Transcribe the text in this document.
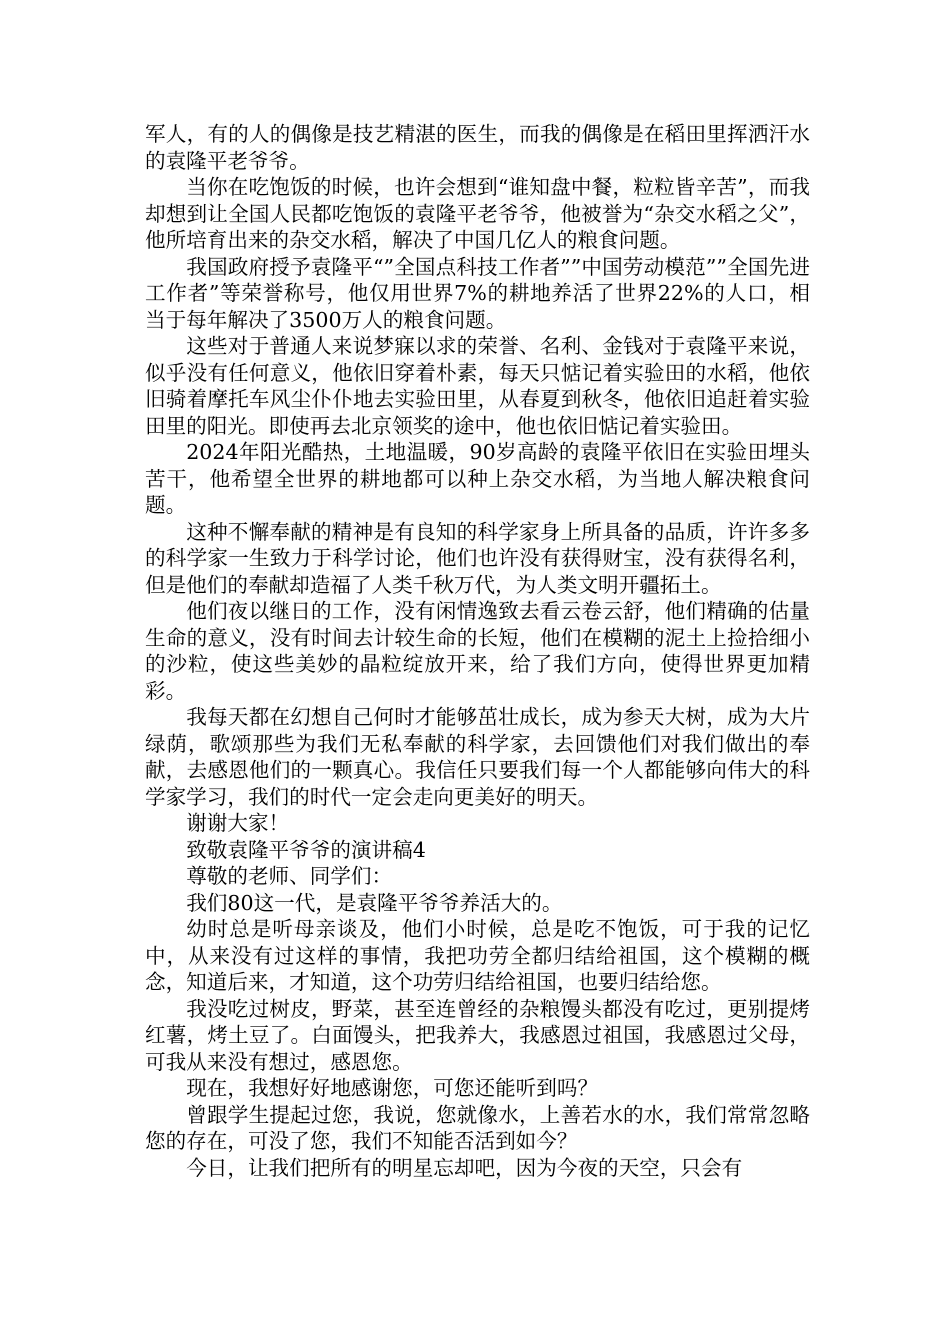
军人，有的人的偶像是技艺精湛的医生，而我的偶像是在稻田里挥洒汗水的袁隆平老爷爷。

当你在吃饱饭的时候，也许会想到“谁知盘中餐，粒粒皆辛苦”，而我却想到让全国人民都吃饱饭的袁隆平老爷爷，他被誉为“杂交水稻之父”，他所培育出来的杂交水稻，解决了中国几亿人的粮食问题。

我国政府授予袁隆平“”全国点科技工作者””中国劳动模范””全国先进工作者”等荣誉称号，他仅用世界7%的耕地养活了世界22%的人口，相当于每年解决了3500万人的粮食问题。

这些对于普通人来说梦寐以求的荣誉、名利、金钱对于袁隆平来说，似乎没有任何意义，他依旧穿着朴素，每天只惦记着实验田的水稻，他依旧骑着摩托车风尘仆仆地去实验田里，从春夏到秋冬，他依旧追赶着实验田里的阳光。即使再去北京领奖的途中，他也依旧惦记着实验田。

2024年阳光酷热，土地温暖，90岁高龄的袁隆平依旧在实验田埋头苦干，他希望全世界的耕地都可以种上杂交水稻，为当地人解决粮食问题。

这种不懈奉献的精神是有良知的科学家身上所具备的品质，许许多多的科学家一生致力于科学讨论，他们也许没有获得财宝，没有获得名利，但是他们的奉献却造福了人类千秋万代，为人类文明开疆拓土。

他们夜以继日的工作，没有闲情逸致去看云卷云舒，他们精确的估量生命的意义，没有时间去计较生命的长短，他们在模糊的泥土上捡拾细小的沙粒，使这些美妙的晶粒绽放开来，给了我们方向，使得世界更加精彩。

我每天都在幻想自己何时才能够茁壮成长，成为参天大树，成为大片绿荫，歌颂那些为我们无私奉献的科学家，去回馈他们对我们做出的奉献，去感恩他们的一颗真心。我信任只要我们每一个人都能够向伟大的科学家学习，我们的时代一定会走向更美好的明天。

谢谢大家！

致敬袁隆平爷爷的演讲稿4

尊敬的老师、同学们：

我们80这一代，是袁隆平爷爷养活大的。

幼时总是听母亲谈及，他们小时候，总是吃不饱饭，可于我的记忆中，从来没有过这样的事情，我把功劳全都归结给祖国，这个模糊的概念，知道后来，才知道，这个功劳归结给祖国，也要归结给您。

我没吃过树皮，野菜，甚至连曾经的杂粮馒头都没有吃过，更别提烤红薯，烤土豆了。白面馒头，把我养大，我感恩过祖国，我感恩过父母，可我从来没有想过，感恩您。

现在，我想好好地感谢您，可您还能听到吗？

曾跟学生提起过您，我说，您就像水，上善若水的水，我们常常忽略您的存在，可没了您，我们不知能否活到如今？

今日，让我们把所有的明星忘却吧，因为今夜的天空，只会有
